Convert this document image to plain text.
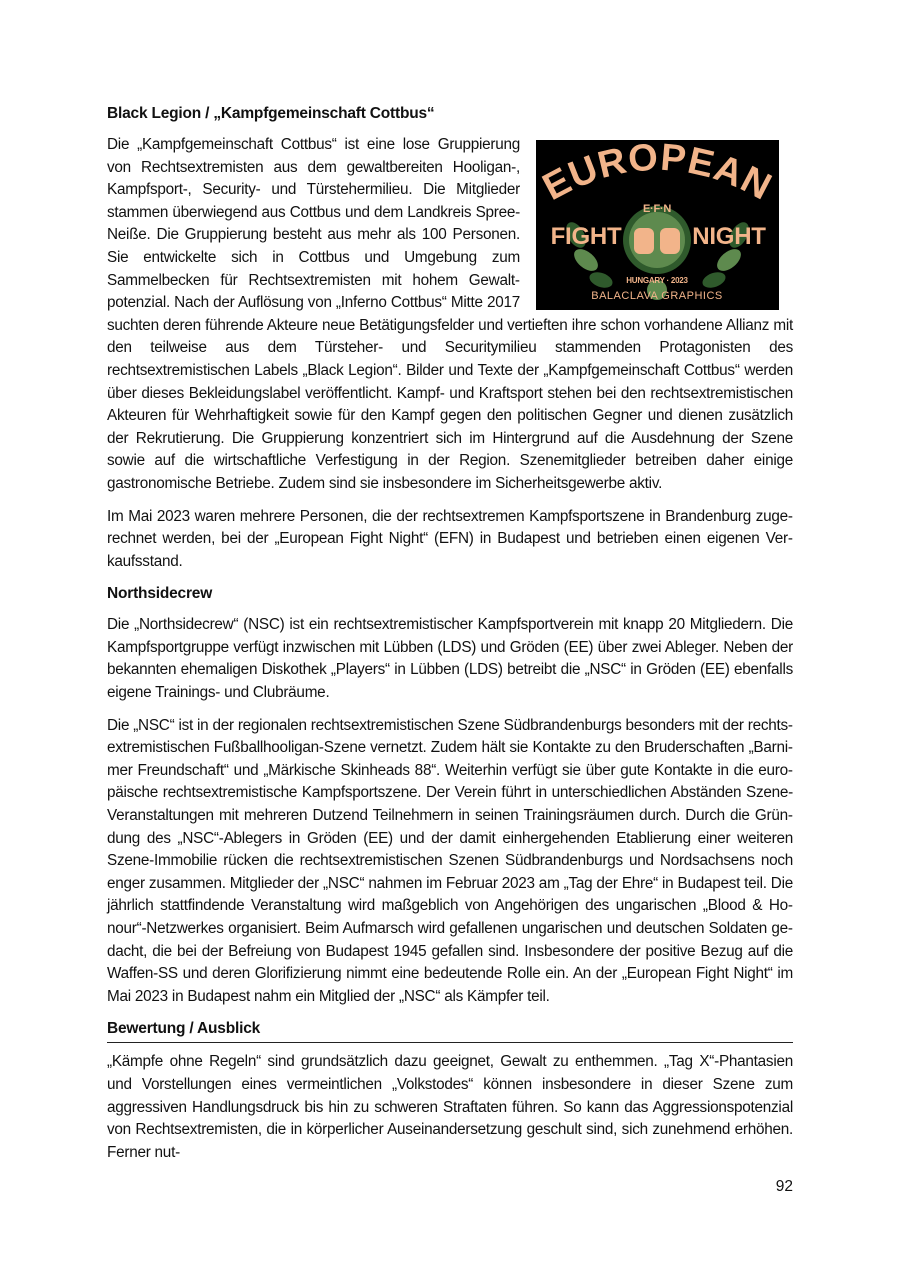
Black Legion / „Kampfgemeinschaft Cottbus“

EUROPEAN
E·F·N
FIGHT	NIGHT
HUNGARY · 2023
BALACLAVA GRAPHICS
Die „Kampfgemeinschaft Cottbus“ ist eine lose Gruppierung von Rechtsextremisten aus dem gewaltbereiten Hooligan-, Kampfsport-, Security- und Türstehermilieu. Die Mitglieder stammen überwiegend aus Cottbus und dem Landkreis Spree-Neiße. Die Gruppierung besteht aus mehr als 100 Personen. Sie entwickelte sich in Cottbus und Umgebung zum Sammelbecken für Rechtsextremisten mit hohem Gewaltpotenzial. Nach der Auflösung von „Inferno Cottbus“ Mitte 2017 suchten deren führende Akteure neue Betätigungsfelder und vertieften ihre schon vorhandene Allianz mit den teilweise aus dem Türsteher- und Securitymilieu stammenden Protagonisten des rechtsextremistischen Labels „Black Legion“. Bilder und Texte der „Kampfgemeinschaft Cottbus“ werden über dieses Bekleidungslabel veröffentlicht. Kampf- und Kraftsport stehen bei den rechtsextremistischen Akteuren für Wehrhaftigkeit sowie für den Kampf gegen den politischen Gegner und dienen zusätzlich der Rekrutierung. Die Gruppierung konzentriert sich im Hintergrund auf die Ausdehnung der Szene sowie auf die wirtschaftliche Verfestigung in der Region. Szenemitglieder betreiben daher einige gastronomische Betriebe. Zudem sind sie insbesondere im Sicherheitsgewerbe aktiv.

Im Mai 2023 waren mehrere Personen, die der rechtsextremen Kampfsportszene in Brandenburg zugerechnet werden, bei der „European Fight Night“ (EFN) in Budapest und betrieben einen eigenen Verkaufsstand.

Northsidecrew

Die „Northsidecrew“ (NSC) ist ein rechtsextremistischer Kampfsportverein mit knapp 20 Mitgliedern. Die Kampfsportgruppe verfügt inzwischen mit Lübben (LDS) und Gröden (EE) über zwei Ableger. Neben der bekannten ehemaligen Diskothek „Players“ in Lübben (LDS) betreibt die „NSC“ in Gröden (EE) ebenfalls eigene Trainings- und Clubräume.

Die „NSC“ ist in der regionalen rechtsextremistischen Szene Südbrandenburgs besonders mit der rechtsextremistischen Fußballhooligan-Szene vernetzt. Zudem hält sie Kontakte zu den Bruderschaften „Barnimer Freundschaft“ und „Märkische Skinheads 88“. Weiterhin verfügt sie über gute Kontakte in die europäische rechtsextremistische Kampfsportszene. Der Verein führt in unterschiedlichen Abständen Szene-Veranstaltungen mit mehreren Dutzend Teilnehmern in seinen Trainingsräumen durch. Durch die Gründung des „NSC“-Ablegers in Gröden (EE) und der damit einhergehenden Etablierung einer weiteren Szene-Immobilie rücken die rechtsextremistischen Szenen Südbrandenburgs und Nordsachsens noch enger zusammen. Mitglieder der „NSC“ nahmen im Februar 2023 am „Tag der Ehre“ in Budapest teil. Die jährlich stattfindende Veranstaltung wird maßgeblich von Angehörigen des ungarischen „Blood & Honour“-Netzwerkes organisiert. Beim Aufmarsch wird gefallenen ungarischen und deutschen Soldaten gedacht, die bei der Befreiung von Budapest 1945 gefallen sind. Insbesondere der positive Bezug auf die Waffen-SS und deren Glorifizierung nimmt eine bedeutende Rolle ein. An der „European Fight Night“ im Mai 2023 in Budapest nahm ein Mitglied der „NSC“ als Kämpfer teil.

Bewertung / Ausblick

„Kämpfe ohne Regeln“ sind grundsätzlich dazu geeignet, Gewalt zu enthemmen. „Tag X“-Phantasien und Vorstellungen eines vermeintlichen „Volkstodes“ können insbesondere in dieser Szene zum aggressiven Handlungsdruck bis hin zu schweren Straftaten führen. So kann das Aggressionspotenzial von Rechtsextremisten, die in körperlicher Auseinandersetzung geschult sind, sich zunehmend erhöhen. Ferner nut-

92
